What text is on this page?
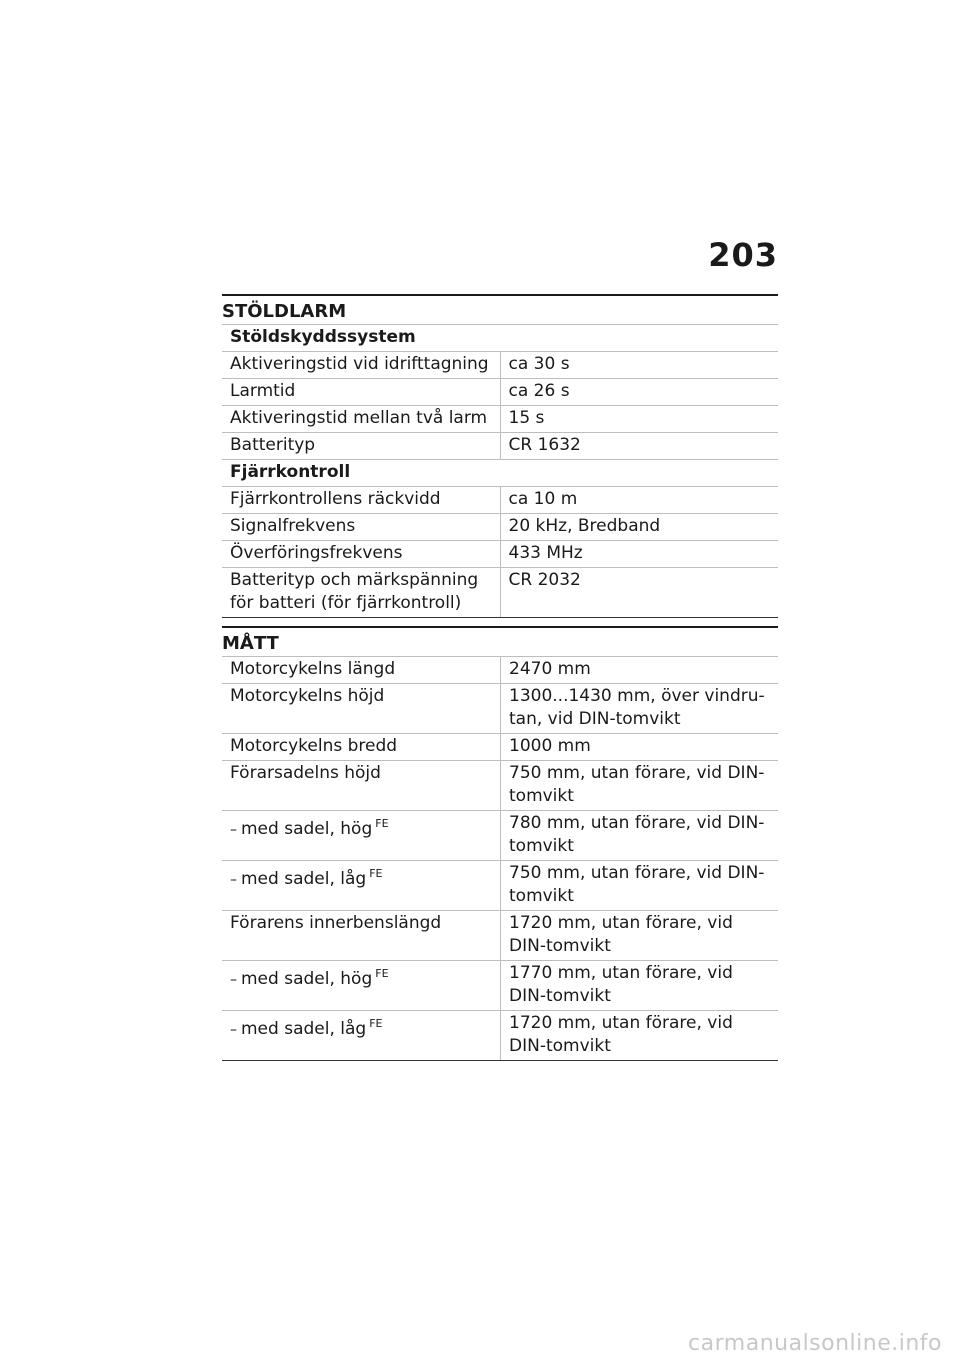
203
STÖLDLARM
Stöldskyddssystem	
Aktiveringstid vid idrifttagning	ca 30 s
Larmtid	ca 26 s
Aktiveringstid mellan två larm	15 s
Batterityp	CR 1632
Fjärrkontroll	
Fjärrkontrollens räckvidd	ca 10 m
Signalfrekvens	20 kHz, Bredband
Överföringsfrekvens	433 MHz
Batterityp och märkspänning för batteri (för fjärrkontroll)	CR 2032
MÅTT
Motorcykelns längd	2470 mm
Motorcykelns höjd	1300...1430 mm, över vindru-tan, vid DIN-tomvikt
Motorcykelns bredd	1000 mm
Förarsadelns höjd	750 mm, utan förare, vid DIN-tomvikt
– med sadel, hög $^{FE}$	780 mm, utan förare, vid DIN-tomvikt
– med sadel, låg $^{FE}$	750 mm, utan förare, vid DIN-tomvikt
Förarens innerbenslängd	1720 mm, utan förare, vid DIN-tomvikt
– med sadel, hög $^{FE}$	1770 mm, utan förare, vid DIN-tomvikt
– med sadel, låg $^{FE}$	1720 mm, utan förare, vid DIN-tomvikt
carmanualsonline.info
